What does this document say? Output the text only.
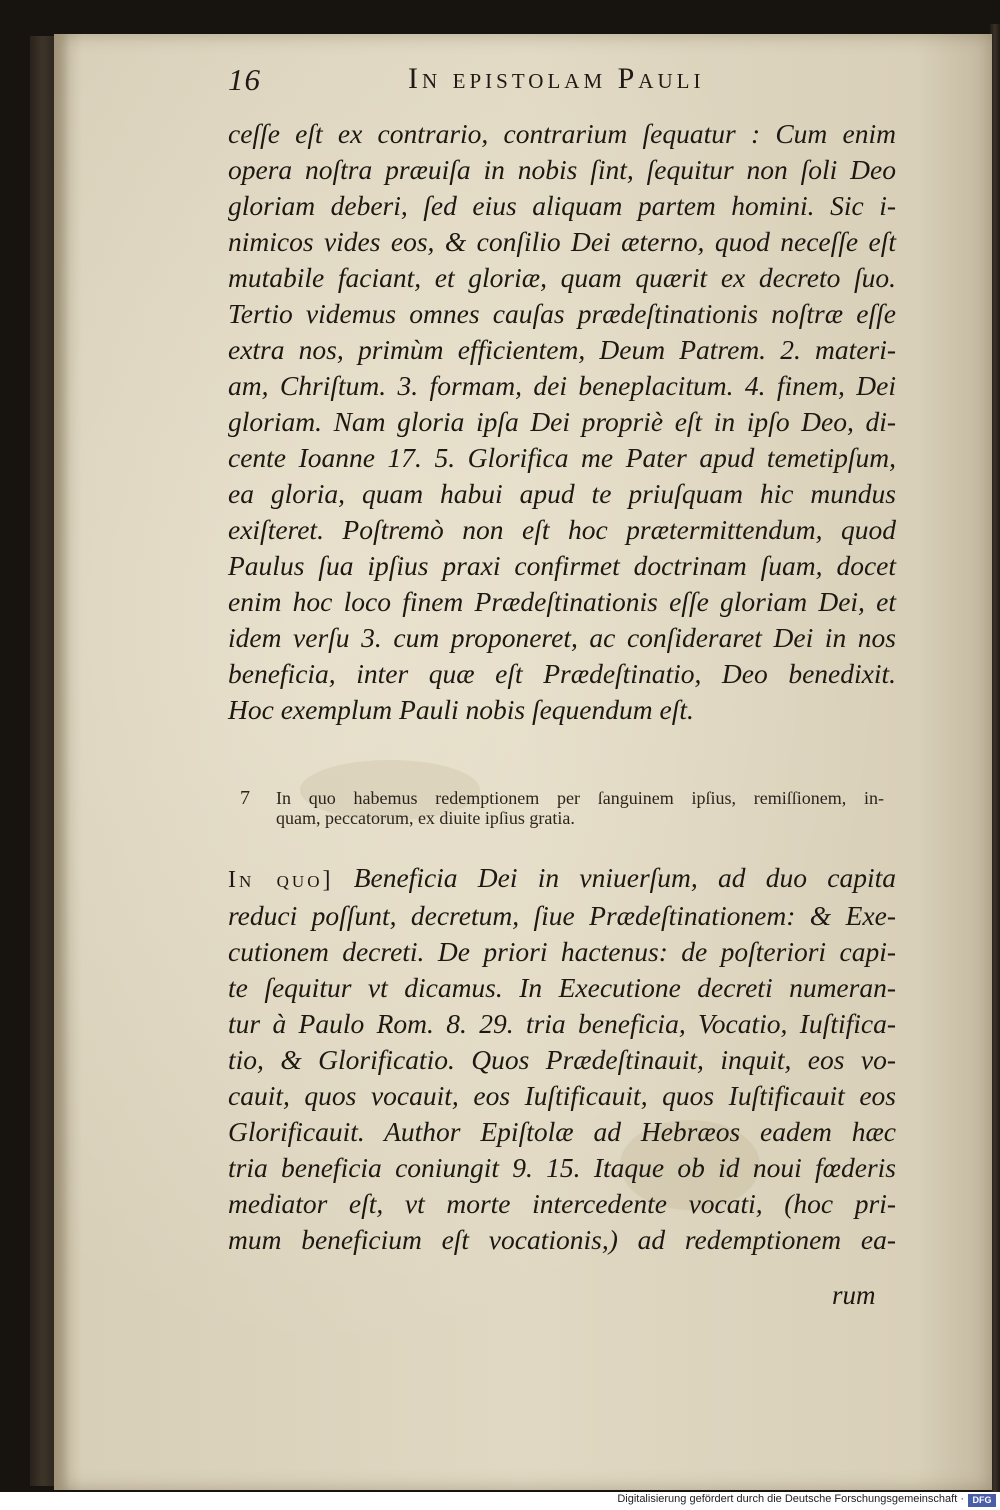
16	In epistolam Pauli
ceſſe eſt ex contrario, contrarium ſequatur : Cum enim
opera noſtra præuiſa in nobis ſint, ſequitur non ſoli Deo
gloriam deberi, ſed eius aliquam partem homini. Sic i-
nimicos vides eos, & conſilio Dei æterno, quod neceſſe eſt
mutabile faciant, et gloriæ, quam quærit ex decreto ſuo.
Tertio videmus omnes cauſas prædeſtinationis noſtræ eſſe
extra nos, primùm efficientem, Deum Patrem. 2. materi-
am, Chriſtum. 3. formam, dei beneplacitum. 4. finem, Dei
gloriam. Nam gloria ipſa Dei propriè eſt in ipſo Deo, di-
cente Ioanne 17. 5. Glorifica me Pater apud temetipſum,
ea gloria, quam habui apud te priuſquam hic mundus
exiſteret. Poſtremò non eſt hoc prætermittendum, quod
Paulus ſua ipſius praxi confirmet doctrinam ſuam, docet
enim hoc loco finem Prædeſtinationis eſſe gloriam Dei, et
idem verſu 3. cum proponeret, ac conſideraret Dei in nos
beneficia, inter quæ eſt Prædeſtinatio, Deo benedixit.
Hoc exemplum Pauli nobis ſequendum eſt.
7 In quo habemus redemptionem per ſanguinem ipſius, remiſſionem, in-
quam, peccatorum, ex diuite ipſius gratia.
In quo] Beneficia Dei in vniuerſum, ad duo capita
reduci poſſunt, decretum, ſiue Prædeſtinationem: & Exe-
cutionem decreti. De priori hactenus: de poſteriori capi-
te ſequitur vt dicamus. In Executione decreti numeran-
tur à Paulo Rom. 8. 29. tria beneficia, Vocatio, Iuſtifica-
tio, & Glorificatio. Quos Prædeſtinauit, inquit, eos vo-
cauit, quos vocauit, eos Iuſtificauit, quos Iuſtificauit eos
Glorificauit. Author Epiſtolæ ad Hebræos eadem hæc
tria beneficia coniungit 9. 15. Itaque ob id noui fœderis
mediator eſt, vt morte intercedente vocati, (hoc pri-
mum beneficium eſt vocationis,) ad redemptionem ea-
rum
Digitalisierung gefördert durch die Deutsche Forschungsgemeinschaft · DFG
